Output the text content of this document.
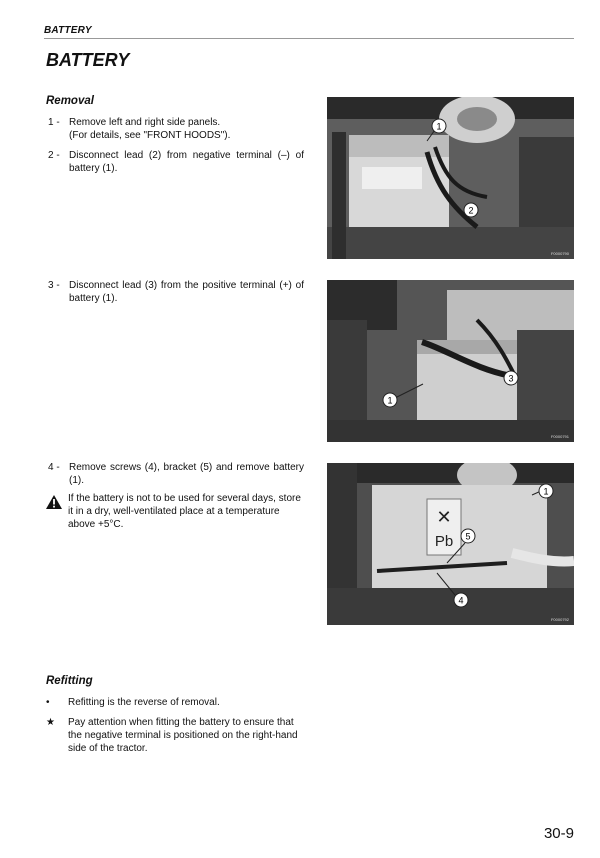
BATTERY
BATTERY
Removal
1 - Remove left and right side panels.
(For details, see "FRONT HOODS").
2 - Disconnect lead (2) from negative terminal (–) of battery (1).
3 - Disconnect lead (3) from the positive terminal (+) of battery (1).
4 - Remove screws (4), bracket (5) and remove battery (1).
If the battery is not to be used for several days, store it in a dry, well-ventilated place at a temperature above +5°C.
Refitting
•	Refitting is the reverse of removal.
★	Pay attention when fitting the battery to ensure that the negative terminal is positioned on the right-hand side of the tractor.
1
2
F0000790
1
3
F0000791
✕
Pb
1
5
4
F0000792
30-9
